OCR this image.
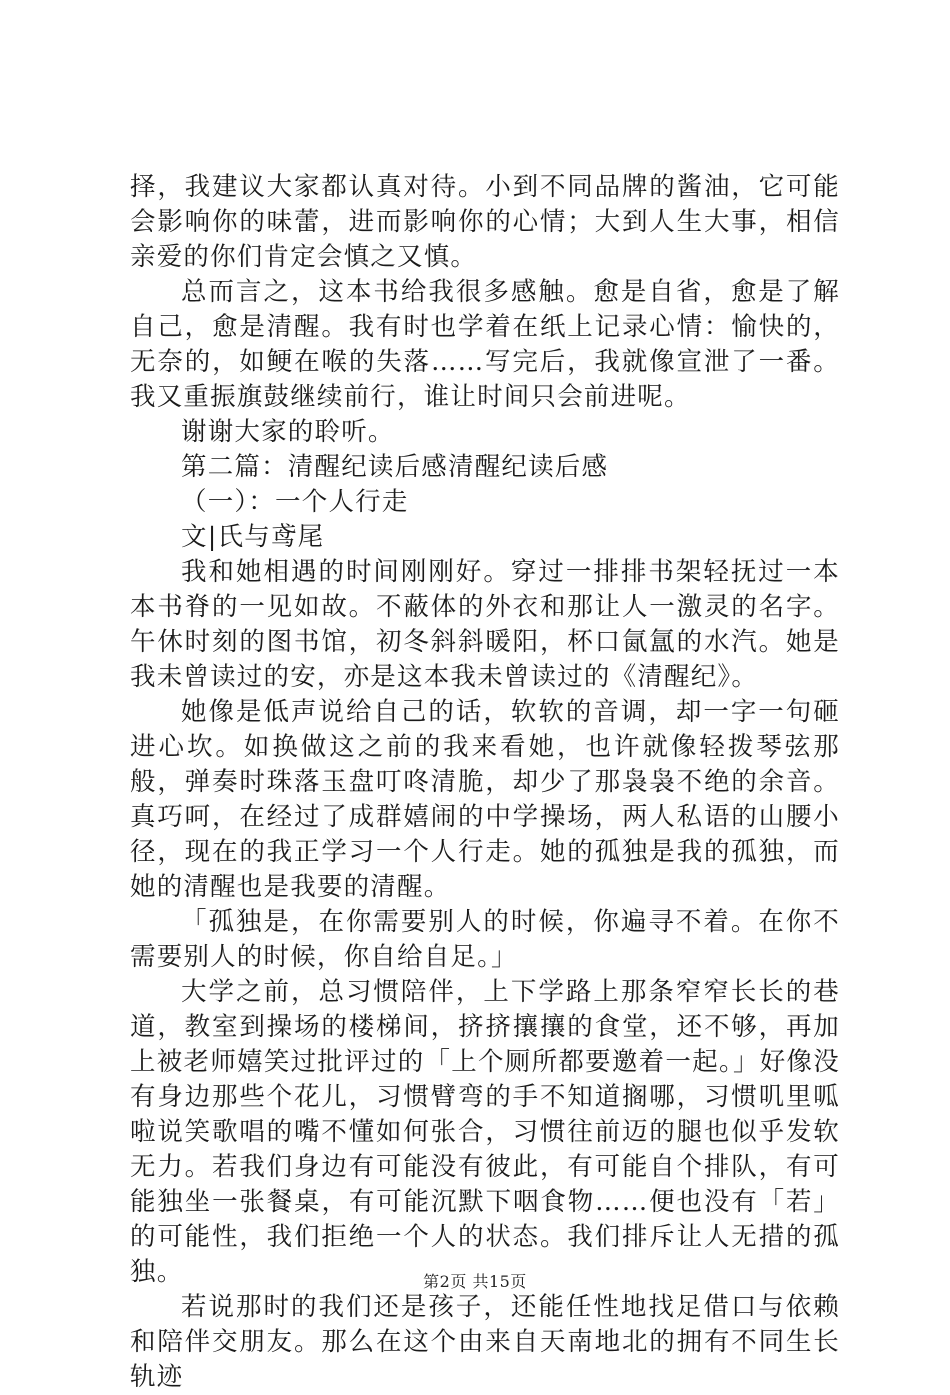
择，我建议大家都认真对待。小到不同品牌的酱油，它可能会影响你的味蕾，进而影响你的心情；大到人生大事，相信亲爱的你们肯定会慎之又慎。

总而言之，这本书给我很多感触。愈是自省，愈是了解自己，愈是清醒。我有时也学着在纸上记录心情：愉快的，无奈的，如鲠在喉的失落……写完后，我就像宣泄了一番。我又重振旗鼓继续前行，谁让时间只会前进呢。

谢谢大家的聆听。

第二篇：清醒纪读后感清醒纪读后感

（一）：一个人行走

文|氏与鸢尾

我和她相遇的时间刚刚好。穿过一排排书架轻抚过一本本书脊的一见如故。不蔽体的外衣和那让人一激灵的名字。午休时刻的图书馆，初冬斜斜暖阳，杯口氤氲的水汽。她是我未曾读过的安，亦是这本我未曾读过的《清醒纪》。

她像是低声说给自己的话，软软的音调，却一字一句砸进心坎。如换做这之前的我来看她，也许就像轻拨琴弦那般，弹奏时珠落玉盘叮咚清脆，却少了那袅袅不绝的余音。真巧呵，在经过了成群嬉闹的中学操场，两人私语的山腰小径，现在的我正学习一个人行走。她的孤独是我的孤独，而她的清醒也是我要的清醒。

「孤独是，在你需要别人的时候，你遍寻不着。在你不需要别人的时候，你自给自足。」

大学之前，总习惯陪伴，上下学路上那条窄窄长长的巷道，教室到操场的楼梯间，挤挤攘攘的食堂，还不够，再加上被老师嬉笑过批评过的「上个厕所都要邀着一起。」好像没有身边那些个花儿，习惯臂弯的手不知道搁哪，习惯叽里呱啦说笑歌唱的嘴不懂如何张合，习惯往前迈的腿也似乎发软无力。若我们身边有可能没有彼此，有可能自个排队，有可能独坐一张餐桌，有可能沉默下咽食物……便也没有「若」的可能性，我们拒绝一个人的状态。我们排斥让人无措的孤独。

若说那时的我们还是孩子，还能任性地找足借口与依赖和陪伴交朋友。那么在这个由来自天南地北的拥有不同生长轨迹

第2页 共15页
